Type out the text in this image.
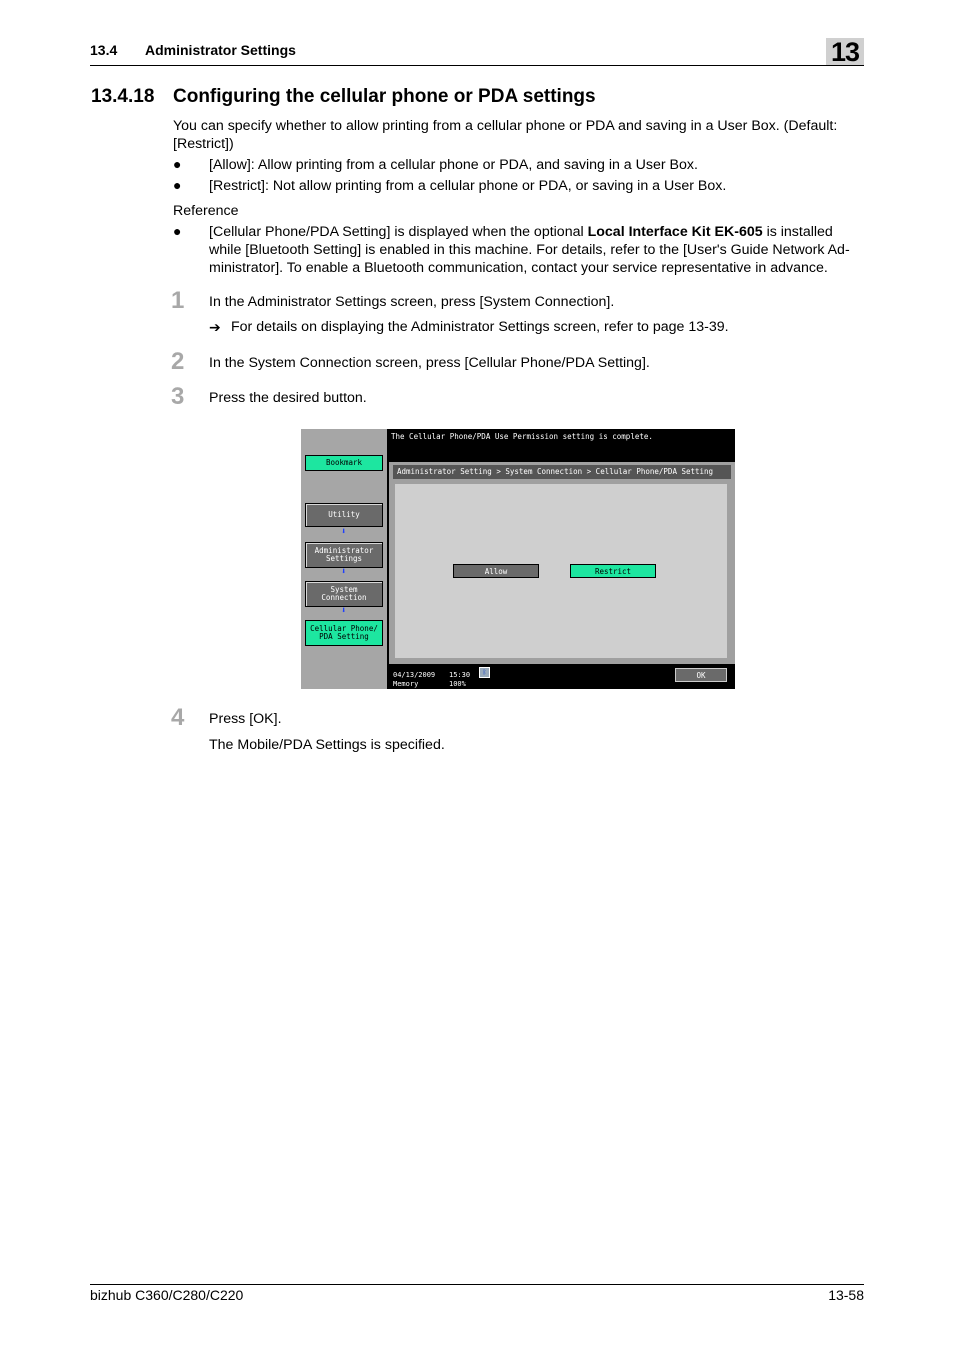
13.4 Administrator Settings	13
13.4.18 Configuring the cellular phone or PDA settings
You can specify whether to allow printing from a cellular phone or PDA and saving in a User Box. (Default:
[Restrict])
● [Allow]: Allow printing from a cellular phone or PDA, and saving in a User Box.
● [Restrict]: Not allow printing from a cellular phone or PDA, or saving in a User Box.
Reference
● [Cellular Phone/PDA Setting] is displayed when the optional Local Interface Kit EK-605 is installed
while [Bluetooth Setting] is enabled in this machine. For details, refer to the [User's Guide Network Ad-
ministrator]. To enable a Bluetooth communication, contact your service representative in advance.
1 In the Administrator Settings screen, press [System Connection].
➔ For details on displaying the Administrator Settings screen, refer to page 13-39.
2 In the System Connection screen, press [Cellular Phone/PDA Setting].
3 Press the desired button.
Bookmark
Utility
⬇
Administrator
Settings
⬇
System
Connection
⬇
Cellular Phone/
PDA Setting
The Cellular Phone/PDA Use Permission setting is complete.
Administrator Setting > System Connection > Cellular Phone/PDA Setting
Allow	Restrict
04/13/2009 15:30
Memory	100%
ᛒ	OK
4 Press [OK].
The Mobile/PDA Settings is specified.
bizhub C360/C280/C220	13-58
